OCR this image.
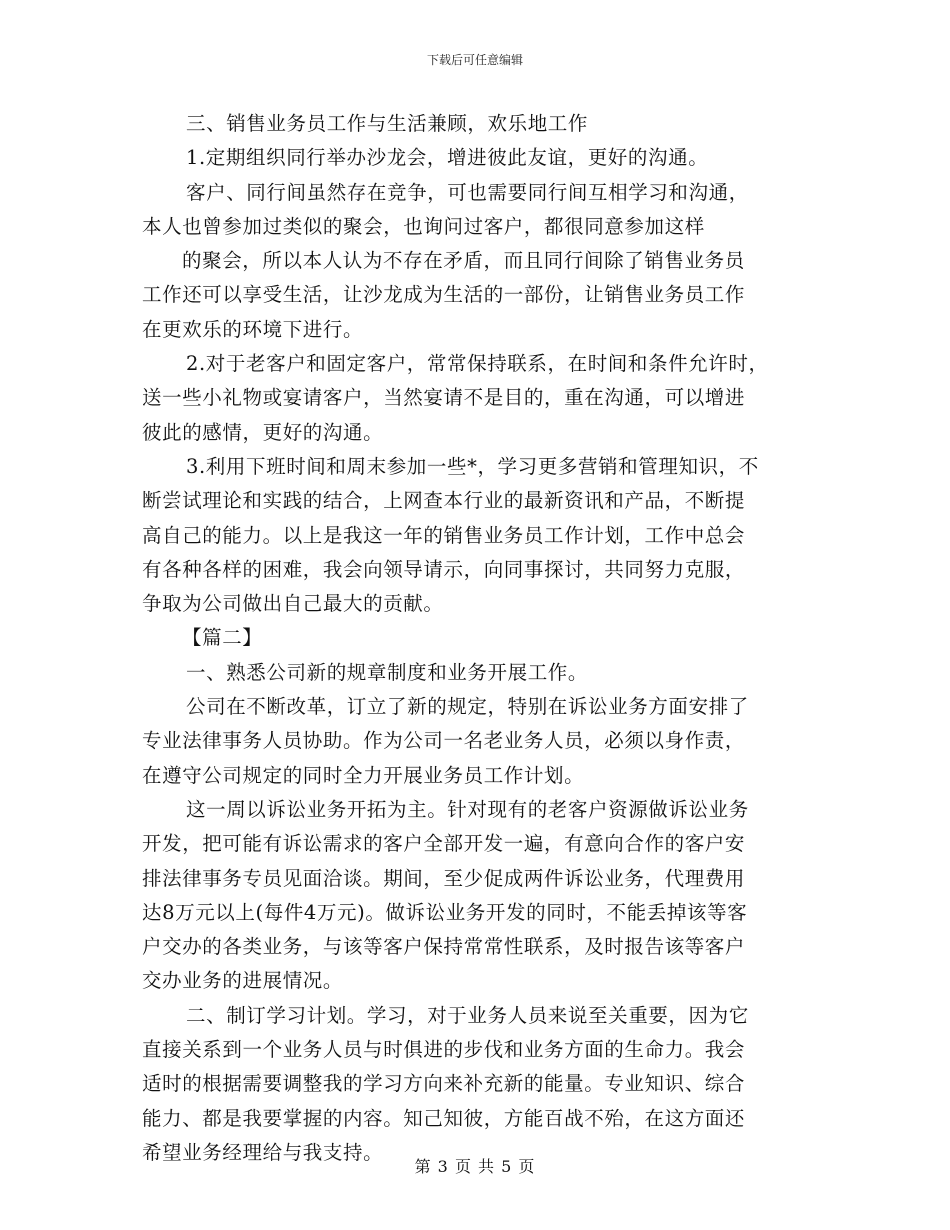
下载后可任意编辑
三、销售业务员工作与生活兼顾，欢乐地工作
1.定期组织同行举办沙龙会，增进彼此友谊，更好的沟通。
客户、同行间虽然存在竞争，可也需要同行间互相学习和沟通，
本人也曾参加过类似的聚会，也询问过客户，都很同意参加这样
的聚会，所以本人认为不存在矛盾，而且同行间除了销售业务员
工作还可以享受生活，让沙龙成为生活的一部份，让销售业务员工作
在更欢乐的环境下进行。
2.对于老客户和固定客户，常常保持联系，在时间和条件允许时，
送一些小礼物或宴请客户，当然宴请不是目的，重在沟通，可以增进
彼此的感情，更好的沟通。
3.利用下班时间和周末参加一些*，学习更多营销和管理知识，不
断尝试理论和实践的结合，上网查本行业的最新资讯和产品，不断提
高自己的能力。以上是我这一年的销售业务员工作计划，工作中总会
有各种各样的困难，我会向领导请示，向同事探讨，共同努力克服，
争取为公司做出自己最大的贡献。
【篇二】
一、熟悉公司新的规章制度和业务开展工作。
公司在不断改革，订立了新的规定，特别在诉讼业务方面安排了
专业法律事务人员协助。作为公司一名老业务人员，必须以身作责，
在遵守公司规定的同时全力开展业务员工作计划。
这一周以诉讼业务开拓为主。针对现有的老客户资源做诉讼业务
开发，把可能有诉讼需求的客户全部开发一遍，有意向合作的客户安
排法律事务专员见面洽谈。期间，至少促成两件诉讼业务，代理费用
达8万元以上(每件4万元)。做诉讼业务开发的同时，不能丢掉该等客
户交办的各类业务，与该等客户保持常常性联系，及时报告该等客户
交办业务的进展情况。
二、制订学习计划。学习，对于业务人员来说至关重要，因为它
直接关系到一个业务人员与时俱进的步伐和业务方面的生命力。我会
适时的根据需要调整我的学习方向来补充新的能量。专业知识、综合
能力、都是我要掌握的内容。知己知彼，方能百战不殆，在这方面还
希望业务经理给与我支持。
第 3 页 共 5 页
